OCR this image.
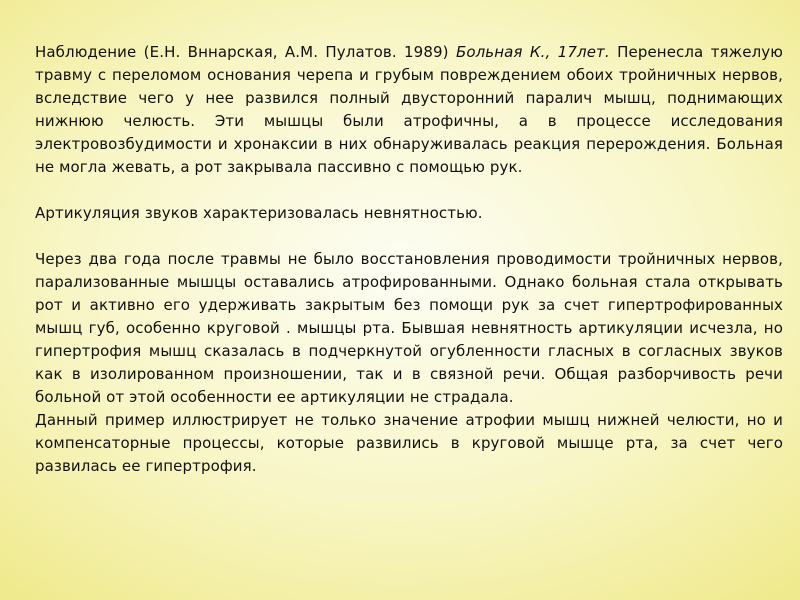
Наблюдение (Е.Н. Вннарская, А.М. Пулатов. 1989) Больная К., 17лет. Перенесла тяжелую травму с переломом основания черепа и грубым повреждением обоих тройничных нервов, вследствие чего у нее развился полный двусторонний паралич мышц, поднимающих нижнюю челюсть. Эти мышцы были атрофичны, а в процессе исследования электровозбудимости и хронаксии в них обнаруживалась реакция перерождения. Больная не могла жевать, а рот закрывала пассивно с помощью рук.

Артикуляция звуков характеризовалась невнятностью.

Через два года после травмы не было восстановления проводимости тройничных нервов, парализованные мышцы оставались атрофированными. Однако больная стала открывать рот и активно его удерживать закрытым без помощи рук за счет гипертрофированных мышц губ, особенно круговой . мышцы рта. Бывшая невнятность артикуляции исчезла, но гипертрофия мышц сказалась в подчеркнутой огубленности гласных в согласных звуков как в изолированном произношении, так и в связной речи. Общая разборчивость речи больной от этой особенности ее артикуляции не страдала.

Данный пример иллюстрирует не только значение атрофии мышц нижней челюсти, но и компенсаторные процессы, которые развились в круговой мышце рта, за счет чего развилась ее гипертрофия.
